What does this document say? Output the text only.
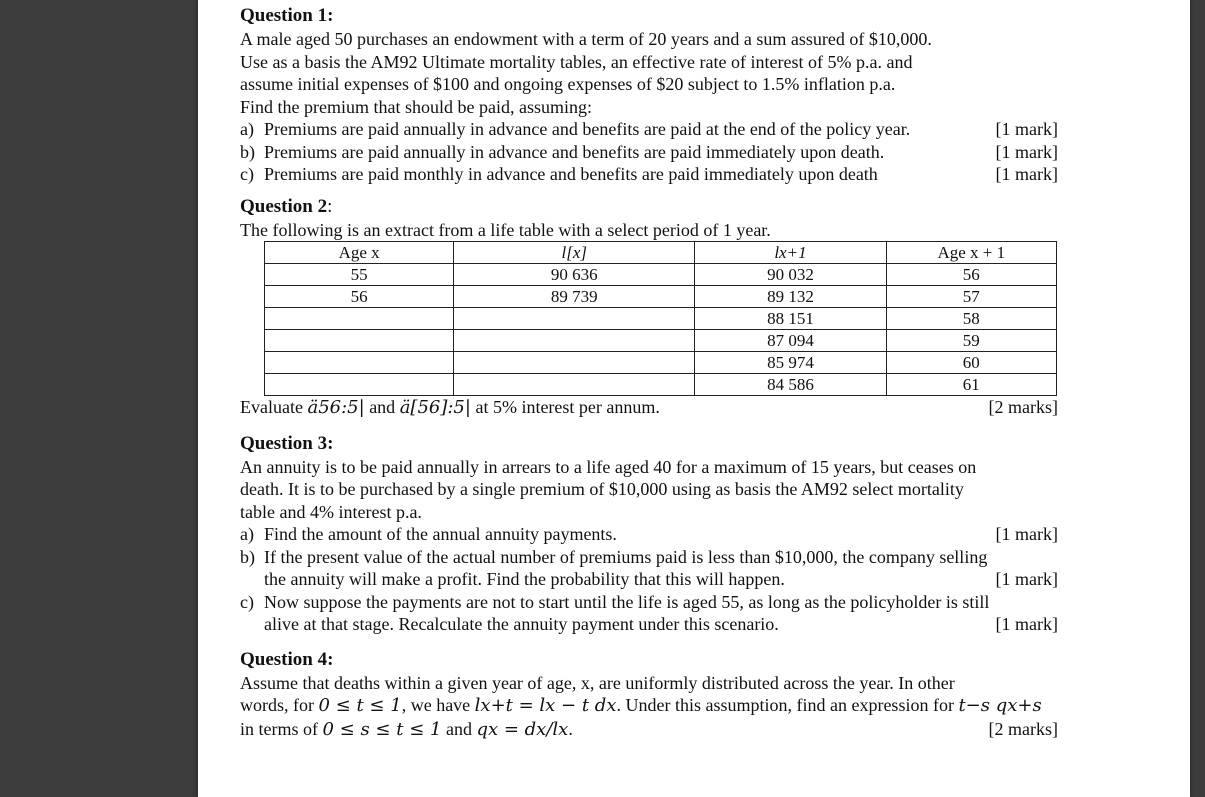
Question 1:
A male aged 50 purchases an endowment with a term of 20 years and a sum assured of $10,000.
Use as a basis the AM92 Ultimate mortality tables, an effective rate of interest of 5% p.a. and
assume initial expenses of $100 and ongoing expenses of $20 subject to 1.5% inflation p.a.
Find the premium that should be paid, assuming:
a) Premiums are paid annually in advance and benefits are paid at the end of the policy year.	[1 mark]
b) Premiums are paid annually in advance and benefits are paid immediately upon death.	[1 mark]
c) Premiums are paid monthly in advance and benefits are paid immediately upon death	[1 mark]
Question 2:
The following is an extract from a life table with a select period of 1 year.
Age x	l[x]	lx+1	Age x + 1
55	90 636	90 032	56
56	89 739	89 132	57
		88 151	58
		87 094	59
		85 974	60
		84 586	61
Evaluate ä56:5| and ä[56]:5| at 5% interest per annum.	[2 marks]
Question 3:
An annuity is to be paid annually in arrears to a life aged 40 for a maximum of 15 years, but ceases on
death. It is to be purchased by a single premium of $10,000 using as basis the AM92 select mortality
table and 4% interest p.a.
a) Find the amount of the annual annuity payments.	[1 mark]
b) If the present value of the actual number of premiums paid is less than $10,000, the company selling
the annuity will make a profit. Find the probability that this will happen.	[1 mark]
c) Now suppose the payments are not to start until the life is aged 55, as long as the policyholder is still
alive at that stage. Recalculate the annuity payment under this scenario.	[1 mark]
Question 4:
Assume that deaths within a given year of age, x, are uniformly distributed across the year. In other
words, for 0 ≤ t ≤ 1, we have lx+t = lx − t dx. Under this assumption, find an expression for t−s qx+s
in terms of 0 ≤ s ≤ t ≤ 1 and qx = dx/lx.	[2 marks]
